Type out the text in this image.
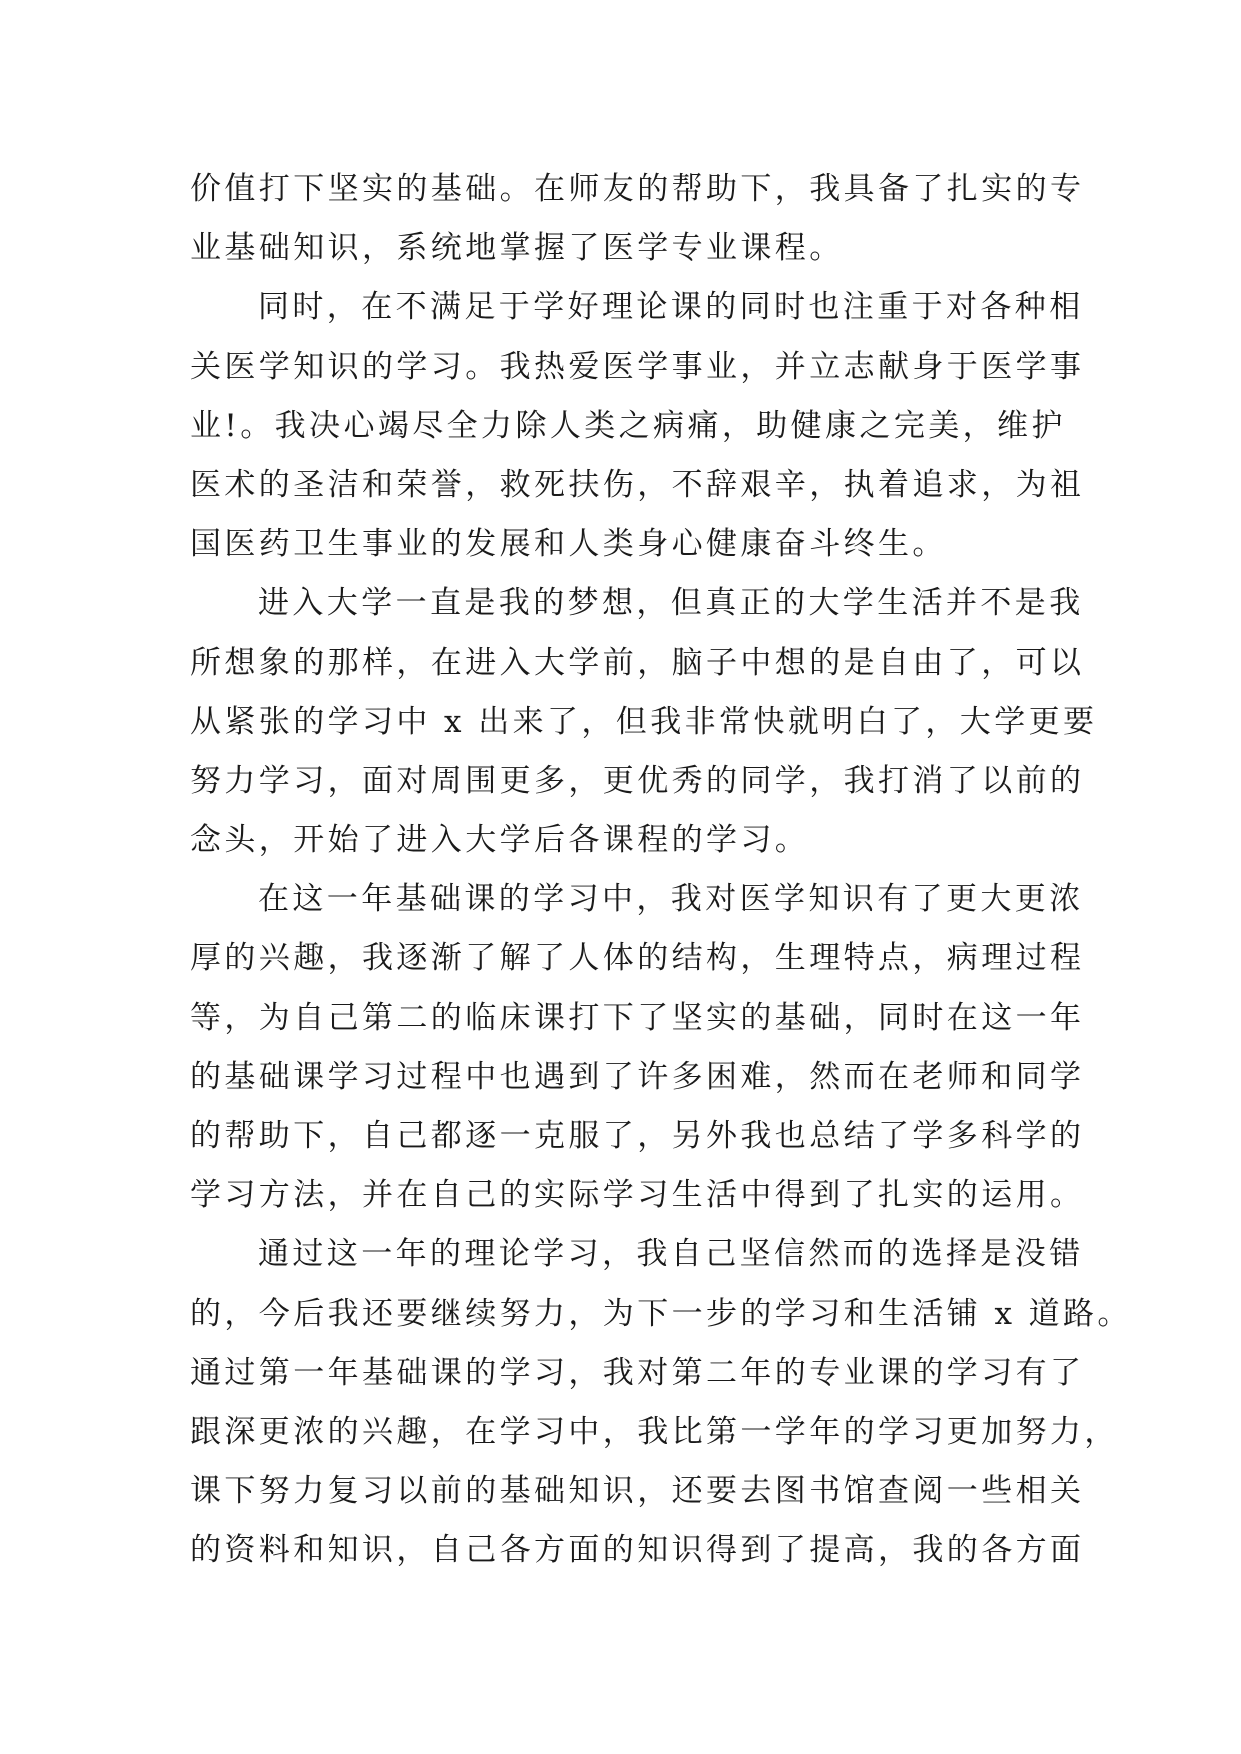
价值打下坚实的基础。在师友的帮助下，我具备了扎实的专
业基础知识，系统地掌握了医学专业课程。
同时，在不满足于学好理论课的同时也注重于对各种相
关医学知识的学习。我热爱医学事业，并立志献身于医学事
业!。我决心竭尽全力除人类之病痛，助健康之完美，维护
医术的圣洁和荣誉，救死扶伤，不辞艰辛，执着追求，为祖
国医药卫生事业的发展和人类身心健康奋斗终生。
进入大学一直是我的梦想，但真正的大学生活并不是我
所想象的那样，在进入大学前，脑子中想的是自由了，可以
从紧张的学习中 x 出来了，但我非常快就明白了，大学更要
努力学习，面对周围更多，更优秀的同学，我打消了以前的
念头，开始了进入大学后各课程的学习。
在这一年基础课的学习中，我对医学知识有了更大更浓
厚的兴趣，我逐渐了解了人体的结构，生理特点，病理过程
等，为自己第二的临床课打下了坚实的基础，同时在这一年
的基础课学习过程中也遇到了许多困难，然而在老师和同学
的帮助下，自己都逐一克服了，另外我也总结了学多科学的
学习方法，并在自己的实际学习生活中得到了扎实的运用。
通过这一年的理论学习，我自己坚信然而的选择是没错
的，今后我还要继续努力，为下一步的学习和生活铺 x 道路。
通过第一年基础课的学习，我对第二年的专业课的学习有了
跟深更浓的兴趣，在学习中，我比第一学年的学习更加努力，
课下努力复习以前的基础知识，还要去图书馆查阅一些相关
的资料和知识，自己各方面的知识得到了提高，我的各方面
